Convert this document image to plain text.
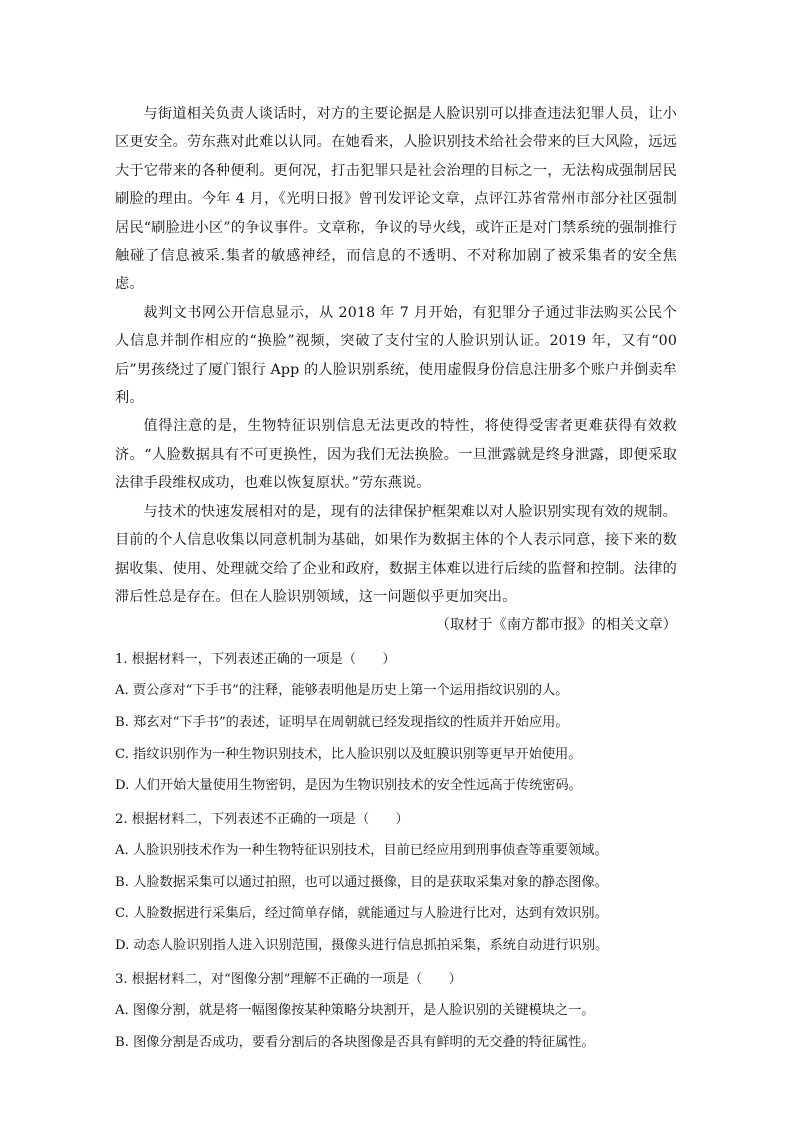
与街道相关负责人谈话时，对方的主要论据是人脸识别可以排查违法犯罪人员，让小区更安全。劳东燕对此难以认同。在她看来，人脸识别技术给社会带来的巨大风险，远远大于它带来的各种便利。更何况，打击犯罪只是社会治理的目标之一，无法构成强制居民刷脸的理由。今年 4 月，《光明日报》曾刊发评论文章，点评江苏省常州市部分社区强制居民“刷脸进小区”的争议事件。文章称，争议的导火线，或许正是对门禁系统的强制推行触碰了信息被采.集者的敏感神经，而信息的不透明、不对称加剧了被采集者的安全焦虑。

裁判文书网公开信息显示，从 2018 年 7 月开始，有犯罪分子通过非法购买公民个人信息并制作相应的“换脸”视频，突破了支付宝的人脸识别认证。2019 年，又有“00 后”男孩绕过了厦门银行 App 的人脸识别系统，使用虚假身份信息注册多个账户并倒卖牟利。

值得注意的是，生物特征识别信息无法更改的特性，将使得受害者更难获得有效救济。“人脸数据具有不可更换性，因为我们无法换脸。一旦泄露就是终身泄露，即便采取法律手段维权成功，也难以恢复原状。”劳东燕说。

与技术的快速发展相对的是，现有的法律保护框架难以对人脸识别实现有效的规制。目前的个人信息收集以同意机制为基础，如果作为数据主体的个人表示同意，接下来的数据收集、使用、处理就交给了企业和政府，数据主体难以进行后续的监督和控制。法律的滞后性总是存在。但在人脸识别领域，这一问题似乎更加突出。

（取材于《南方都市报》的相关文章）

1. 根据材料一，下列表述正确的一项是（　　）

A. 贾公彦对“下手书”的注释，能够表明他是历史上第一个运用指纹识别的人。

B. 郑玄对“下手书”的表述，证明早在周朝就已经发现指纹的性质并开始应用。

C. 指纹识别作为一种生物识别技术，比人脸识别以及虹膜识别等更早开始使用。

D. 人们开始大量使用生物密钥，是因为生物识别技术的安全性远高于传统密码。

2. 根据材料二，下列表述不正确的一项是（　　）

A. 人脸识别技术作为一种生物特征识别技术，目前已经应用到刑事侦查等重要领域。

B. 人脸数据采集可以通过拍照，也可以通过摄像，目的是获取采集对象的静态图像。

C. 人脸数据进行采集后，经过简单存储，就能通过与人脸进行比对，达到有效识别。

D. 动态人脸识别指人进入识别范围，摄像头进行信息抓拍采集，系统自动进行识别。

3. 根据材料二，对“图像分割”理解不正确的一项是（　　）

A. 图像分割，就是将一幅图像按某种策略分块割开，是人脸识别的关键模块之一。

B. 图像分割是否成功，要看分割后的各块图像是否具有鲜明的无交叠的特征属性。
